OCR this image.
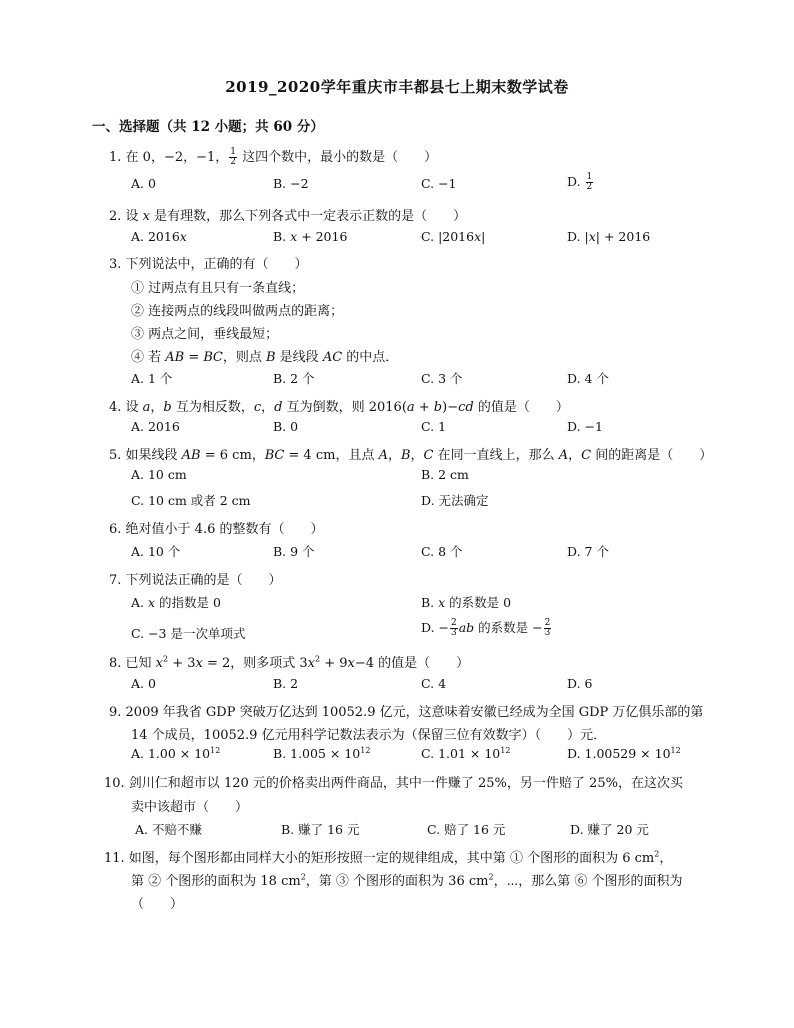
2019_2020学年重庆市丰都县七上期末数学试卷
一、选择题（共 12 小题；共 60 分）
1. 在 0，−2，−1， $\frac{1}{2}$ 这四个数中，最小的数是（　　）
A. 0	B. −2	C. −1	D. $\frac{1}{2}$
2. 设 𝑥 是有理数，那么下列各式中一定表示正数的是（　　）
A. 2016𝑥	B. 𝑥 + 2016	C. |2016𝑥|	D. |𝑥| + 2016
3. 下列说法中，正确的有（　　）
① 过两点有且只有一条直线；
② 连接两点的线段叫做两点的距离；
③ 两点之间，垂线最短；
④ 若 𝐴𝐵 = 𝐵𝐶，则点 𝐵 是线段 𝐴𝐶 的中点．
A. 1 个	B. 2 个	C. 3 个	D. 4 个
4. 设 𝑎，𝑏 互为相反数，𝑐，𝑑 互为倒数，则 2016(𝑎 + 𝑏)−𝑐𝑑 的值是（　　）
A. 2016	B. 0	C. 1	D. −1
5. 如果线段 𝐴𝐵 = 6 cm，𝐵𝐶 = 4 cm，且点 𝐴，𝐵，𝐶 在同一直线上，那么 𝐴，𝐶 间的距离是（　　）
A. 10 cm	B. 2 cm
C. 10 cm 或者 2 cm	D. 无法确定
6. 绝对值小于 4.6 的整数有（　　）
A. 10 个	B. 9 个	C. 8 个	D. 7 个
7. 下列说法正确的是（　　）
A. 𝑥 的指数是 0	B. 𝑥 的系数是 0
C. −3 是一次单项式	D. − $\frac{2}{3}$ 𝑎𝑏 的系数是 − $\frac{2}{3}$
8. 已知 𝑥$^2$ + 3𝑥 = 2，则多项式 3𝑥$^2$ + 9𝑥−4 的值是（　　）
A. 0	B. 2	C. 4	D. 6
9. 2009 年我省 GDP 突破万亿达到 10052.9 亿元，这意味着安徽已经成为全国 GDP 万亿俱乐部的第
14 个成员，10052.9 亿元用科学记数法表示为（保留三位有效数字）（　　）元．
A. $1.00 \times 10^{12}$	B. $1.005 \times 10^{12}$	C. $1.01 \times 10^{12}$	D. $1.00529 \times 10^{12}$
10. 剑川仁和超市以 120 元的价格卖出两件商品，其中一件赚了 25%，另一件赔了 25%，在这次买
卖中该超市（　　）
A. 不赔不赚	B. 赚了 16 元	C. 赔了 16 元	D. 赚了 20 元
11. 如图，每个图形都由同样大小的矩形按照一定的规律组成，其中第 ① 个图形的面积为 6 $cm^2$，
第 ② 个图形的面积为 18 $cm^2$，第 ③ 个图形的面积为 36 $cm^2$，⋯，那么第 ⑥ 个图形的面积为
（　　）
